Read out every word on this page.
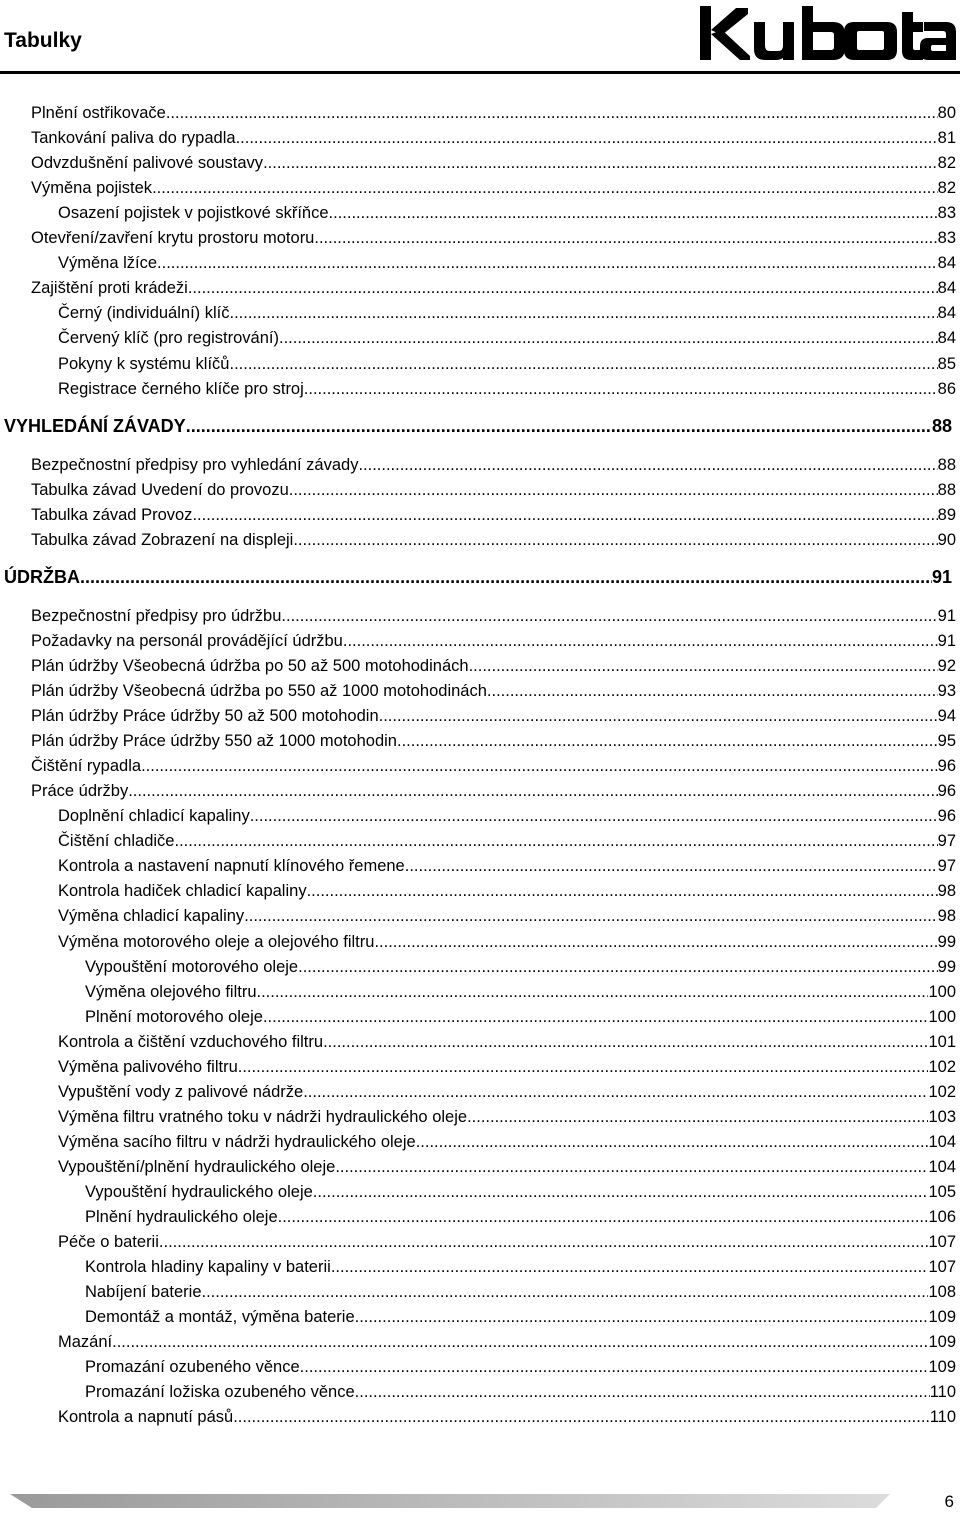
Tabulky
kubota
Plnění ostřikovače .....	80
Tankování paliva do rypadla .....	81
Odvzdušnění palivové soustavy .....	82
Výměna pojistek .....	82
Osazení pojistek v pojistkové skříňce .....	83
Otevření/zavření krytu prostoru motoru .....	83
Výměna lžíce .....	84
Zajištění proti krádeži .....	84
Černý (individuální) klíč .....	84
Červený klíč (pro registrování) .....	84
Pokyny k systému klíčů .....	85
Registrace černého klíče pro stroj .....	86
VYHLEDÁNÍ ZÁVADY .....	88
Bezpečnostní předpisy pro vyhledání závady .....	88
Tabulka závad Uvedení do provozu .....	88
Tabulka závad Provoz .....	89
Tabulka závad Zobrazení na displeji .....	90
ÚDRŽBA .....	91
Bezpečnostní předpisy pro údržbu .....	91
Požadavky na personál provádějící údržbu .....	91
Plán údržby Všeobecná údržba po 50 až 500 motohodinách .....	92
Plán údržby Všeobecná údržba po 550 až 1000 motohodinách .....	93
Plán údržby Práce údržby 50 až 500 motohodin .....	94
Plán údržby Práce údržby 550 až 1000 motohodin .....	95
Čištění rypadla .....	96
Práce údržby .....	96
Doplnění chladicí kapaliny .....	96
Čištění chladiče .....	97
Kontrola a nastavení napnutí klínového řemene .....	97
Kontrola hadiček chladicí kapaliny .....	98
Výměna chladicí kapaliny .....	98
Výměna motorového oleje a olejového filtru .....	99
Vypouštění motorového oleje .....	99
Výměna olejového filtru .....	100
Plnění motorového oleje .....	100
Kontrola a čištění vzduchového filtru .....	101
Výměna palivového filtru .....	102
Vypuštění vody z palivové nádrže .....	102
Výměna filtru vratného toku v nádrži hydraulického oleje .....	103
Výměna sacího filtru v nádrži hydraulického oleje .....	104
Vypouštění/plnění hydraulického oleje .....	104
Vypouštění hydraulického oleje .....	105
Plnění hydraulického oleje .....	106
Péče o baterii .....	107
Kontrola hladiny kapaliny v baterii .....	107
Nabíjení baterie .....	108
Demontáž a montáž, výměna baterie .....	109
Mazání .....	109
Promazání ozubeného věnce .....	109
Promazání ložiska ozubeného věnce .....	110
Kontrola a napnutí pásů .....	110
6
